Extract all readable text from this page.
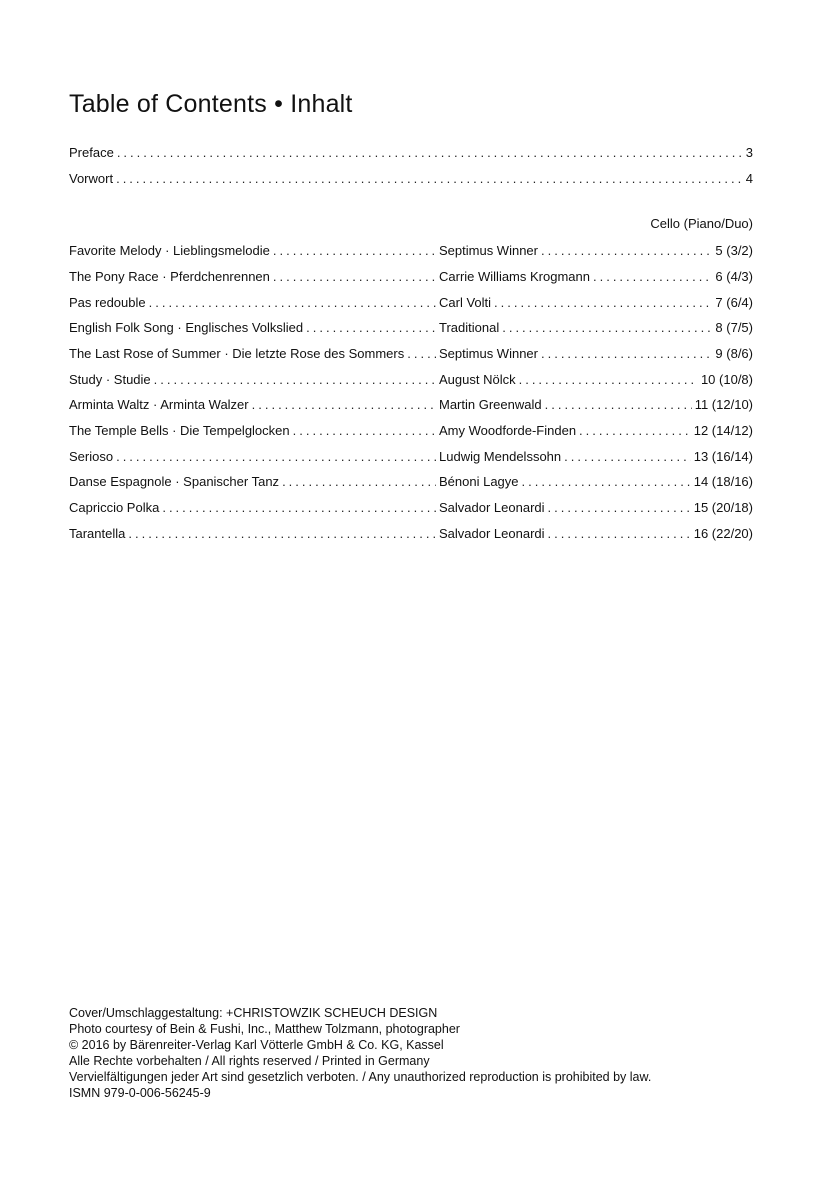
Table of Contents • Inhalt
Preface .....	3
Vorwort .....	4
Cello (Piano/Duo)
Favorite Melody · Lieblingsmelodie .....	Septimus Winner .....	5 (3/2)
The Pony Race · Pferdchenrennen .....	Carrie Williams Krogmann .....	6 (4/3)
Pas redouble .....	Carl Volti .....	7 (6/4)
English Folk Song · Englisches Volkslied .....	Traditional .....	8 (7/5)
The Last Rose of Summer · Die letzte Rose des Sommers .....	Septimus Winner .....	9 (8/6)
Study · Studie .....	August Nölck .....	10 (10/8)
Arminta Waltz · Arminta Walzer .....	Martin Greenwald .....	11 (12/10)
The Temple Bells · Die Tempelglocken .....	Amy Woodforde-Finden .....	12 (14/12)
Serioso .....	Ludwig Mendelssohn .....	13 (16/14)
Danse Espagnole · Spanischer Tanz .....	Bénoni Lagye .....	14 (18/16)
Capriccio Polka .....	Salvador Leonardi .....	15 (20/18)
Tarantella .....	Salvador Leonardi .....	16 (22/20)
Cover/Umschlaggestaltung: +CHRISTOWZIK SCHEUCH DESIGN
Photo courtesy of Bein & Fushi, Inc., Matthew Tolzmann, photographer
© 2016 by Bärenreiter-Verlag Karl Vötterle GmbH & Co. KG, Kassel
Alle Rechte vorbehalten / All rights reserved / Printed in Germany
Vervielfältigungen jeder Art sind gesetzlich verboten. / Any unauthorized reproduction is prohibited by law.
ISMN 979-0-006-56245-9
